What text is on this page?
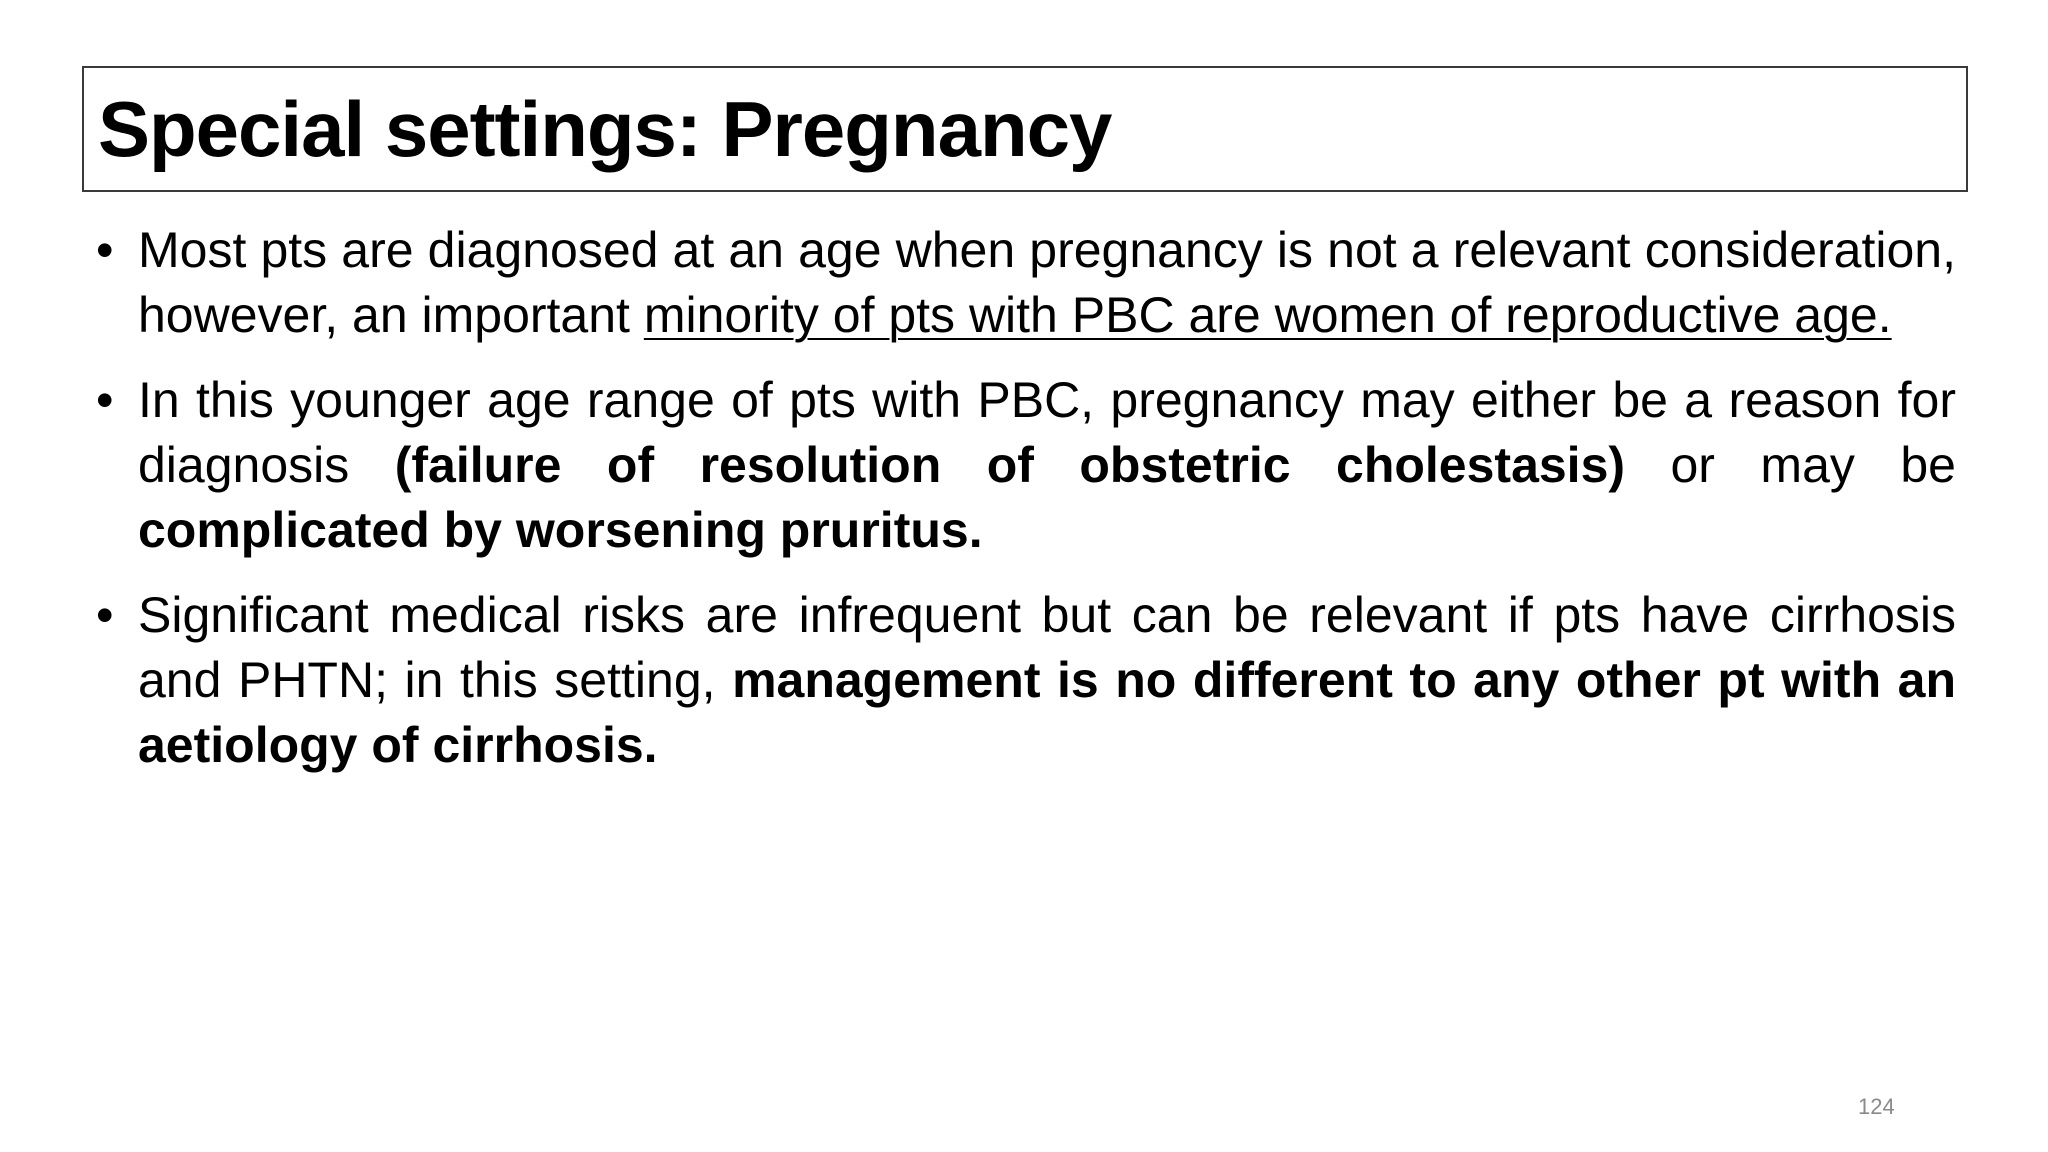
Special settings: Pregnancy
• Most pts are diagnosed at an age when pregnancy is not a relevant consideration, however, an important minority of pts with PBC are women of reproductive age.
• In this younger age range of pts with PBC, pregnancy may either be a reason for diagnosis (failure of resolution of obstetric cholestasis) or may be complicated by worsening pruritus.
• Significant medical risks are infrequent but can be relevant if pts have cirrhosis and PHTN; in this setting, management is no different to any other pt with an aetiology of cirrhosis.
124
